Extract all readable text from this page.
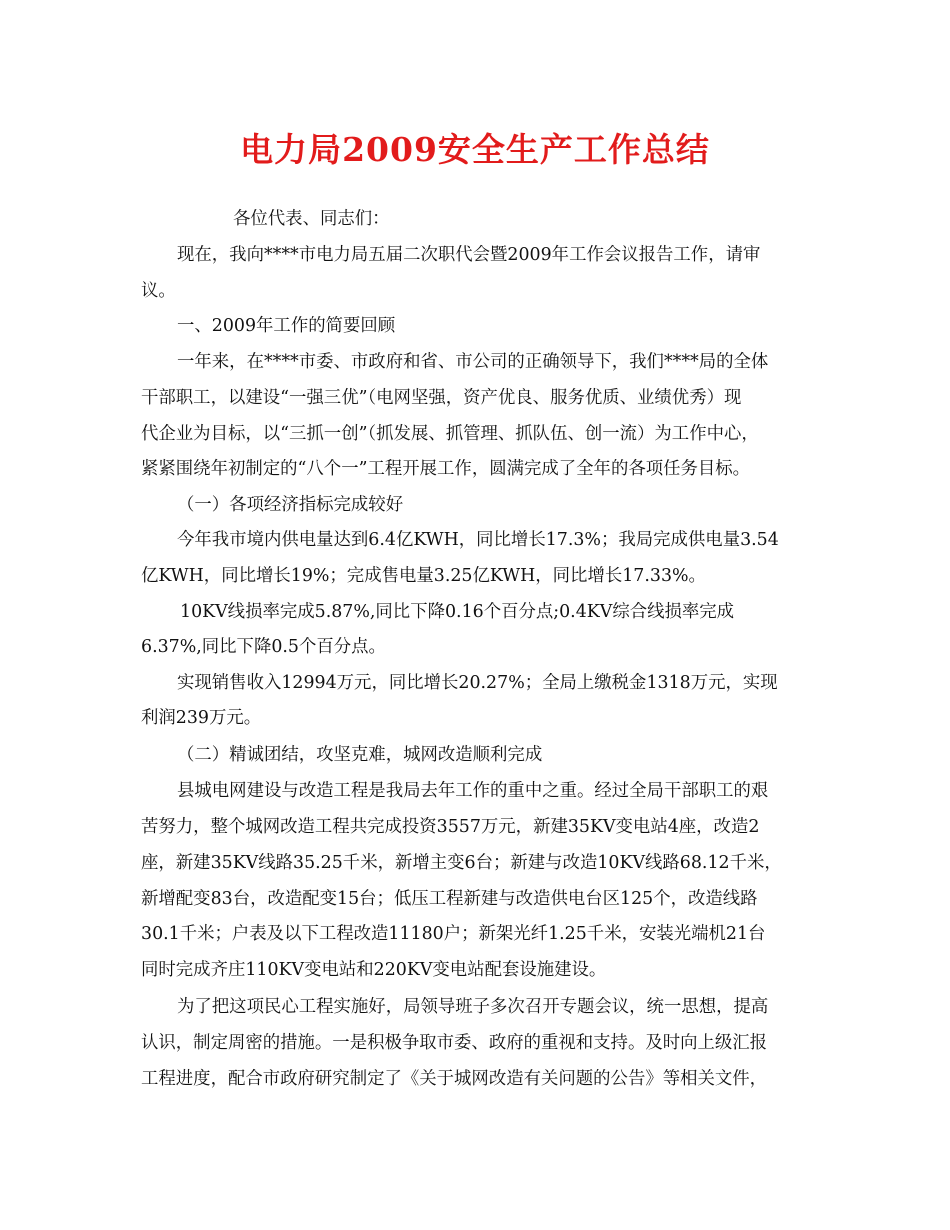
电力局2009安全生产工作总结
各位代表、同志们：
现在，我向****市电力局五届二次职代会暨2009年工作会议报告工作，请审
议。
一、2009年工作的简要回顾
一年来，在****市委、市政府和省、市公司的正确领导下，我们****局的全体
干部职工，以建设“一强三优”（电网坚强，资产优良、服务优质、业绩优秀）现
代企业为目标，以“三抓一创”（抓发展、抓管理、抓队伍、创一流）为工作中心，
紧紧围绕年初制定的“八个一”工程开展工作，圆满完成了全年的各项任务目标。
（一）各项经济指标完成较好
今年我市境内供电量达到6.4亿KWH，同比增长17.3%；我局完成供电量3.54
亿KWH，同比增长19%；完成售电量3.25亿KWH，同比增长17.33%。
10KV线损率完成5.87%,同比下降0.16个百分点;0.4KV综合线损率完成
6.37%,同比下降0.5个百分点。
实现销售收入12994万元，同比增长20.27%；全局上缴税金1318万元，实现
利润239万元。
（二）精诚团结，攻坚克难，城网改造顺利完成
县城电网建设与改造工程是我局去年工作的重中之重。经过全局干部职工的艰
苦努力，整个城网改造工程共完成投资3557万元，新建35KV变电站4座，改造2
座，新建35KV线路35.25千米，新增主变6台；新建与改造10KV线路68.12千米，
新增配变83台，改造配变15台；低压工程新建与改造供电台区125个，改造线路
30.1千米；户表及以下工程改造11180户；新架光纤1.25千米，安装光端机21台
同时完成齐庄110KV变电站和220KV变电站配套设施建设。
为了把这项民心工程实施好，局领导班子多次召开专题会议，统一思想，提高
认识，制定周密的措施。一是积极争取市委、政府的重视和支持。及时向上级汇报
工程进度，配合市政府研究制定了《关于城网改造有关问题的公告》等相关文件，
